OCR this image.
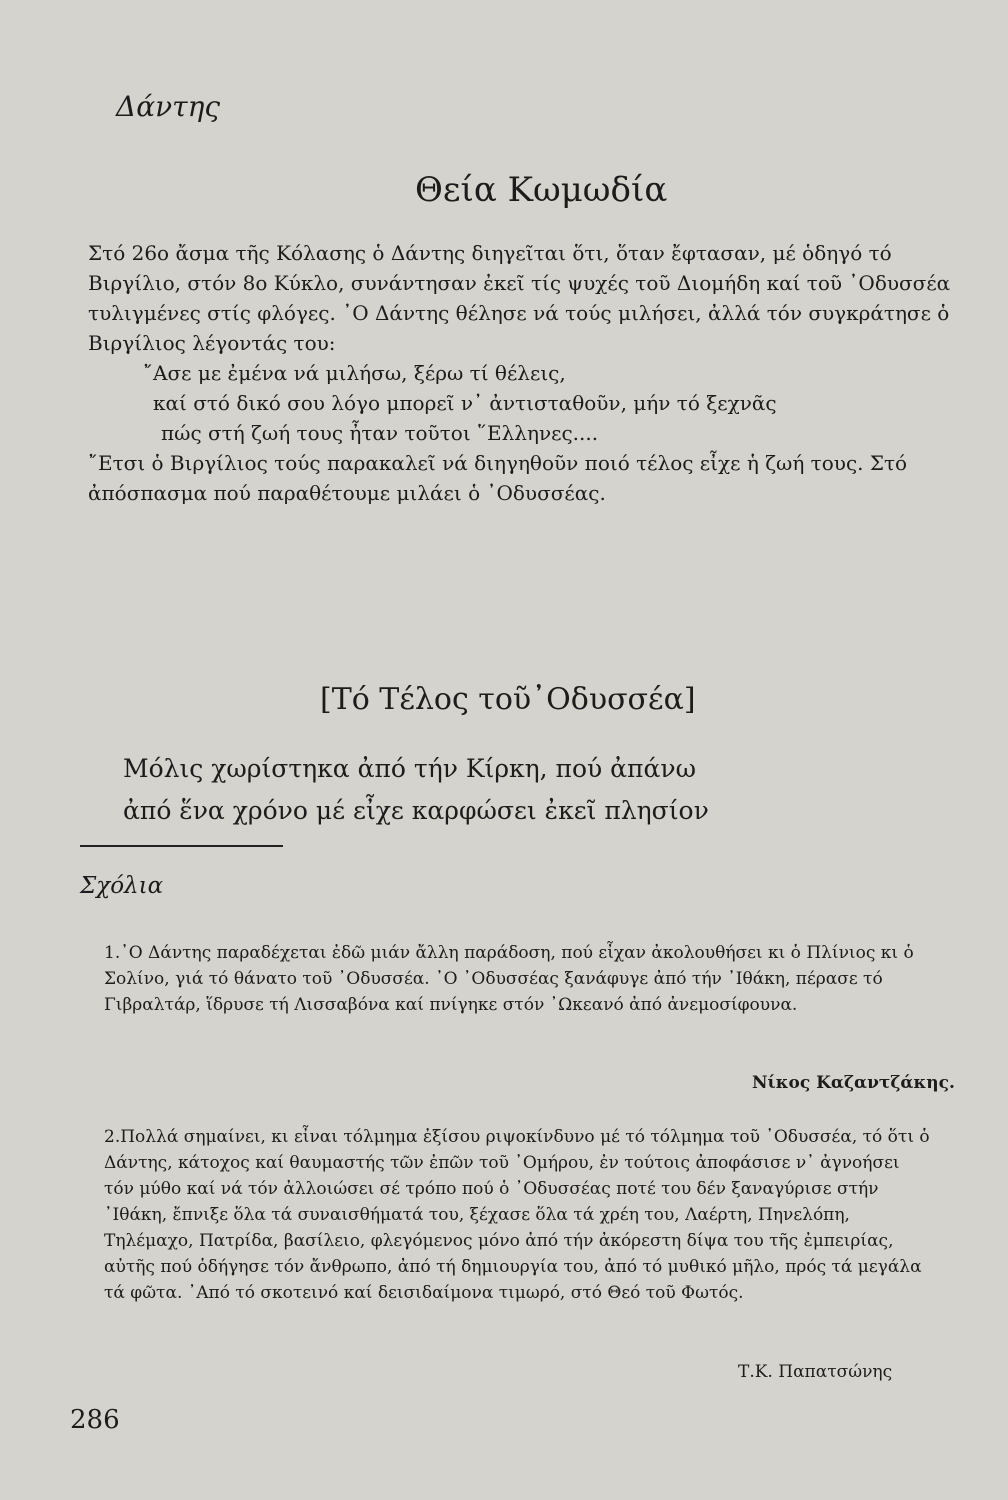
Δάντης
Θεία Κωμωδία

Στό 26ο ἄσμα τῆς Κόλασης ὁ Δάντης διηγεῖται ὅτι, ὅταν ἔφτασαν, μέ ὁδηγό τό Βιργίλιο, στόν 8ο Κύκλο, συνάντησαν ἐκεῖ τίς ψυχές τοῦ Διομήδη καί τοῦ ᾿Οδυσσέα τυλιγμένες στίς φλόγες. ᾿Ο Δάντης θέλησε νά τούς μιλήσει, ἀλλά τόν συγκράτησε ὁ Βιργίλιος λέγοντάς του:

῎Ασε με ἐμένα νά μιλήσω, ξέρω τί θέλεις,
καί στό δικό σου λόγο μπορεῖ ν᾿ ἀντισταθοῦν, μήν τό ξεχνᾶς
πώς στή ζωή τους ἦταν τοῦτοι ῞Ελληνες....

῎Ετσι ὁ Βιργίλιος τούς παρακαλεῖ νά διηγηθοῦν ποιό τέλος εἶχε ἡ ζωή τους. Στό ἀπόσπασμα πού παραθέτουμε μιλάει ὁ ᾿Οδυσσέας.

[Τό Τέλος τοῦ᾿Οδυσσέα]
Μόλις χωρίστηκα ἀπό τήν Κίρκη, πού ἀπάνω
ἀπό ἕνα χρόνο μέ εἶχε καρφώσει ἐκεῖ πλησίον
Σχόλια
1.᾿Ο Δάντης παραδέχεται ἐδῶ μιάν ἄλλη παράδοση, πού εἶχαν ἀκολουθήσει κι ὁ Πλίνιος κι ὁ Σολίνο, γιά τό θάνατο τοῦ ᾿Οδυσσέα. ᾿Ο ᾿Οδυσσέας ξανάφυγε ἀπό τήν ᾿Ιθάκη, πέρασε τό Γιβραλτάρ, ἵδρυσε τή Λισσαβόνα καί πνίγηκε στόν ᾿Ωκεανό ἀπό ἀνεμοσίφουνα.
Νίκος Καζαντζάκης.
2.Πολλά σημαίνει, κι εἶναι τόλμημα ἐξίσου ριψοκίνδυνο μέ τό τόλμημα τοῦ ᾿Οδυσσέα, τό ὅτι ὁ Δάντης, κάτοχος καί θαυμαστής τῶν ἐπῶν τοῦ ᾿Ομήρου, ἐν τούτοις ἀποφάσισε ν᾿ ἀγνοήσει τόν μύθο καί νά τόν ἀλλοιώσει σέ τρόπο πού ὁ ᾿Οδυσσέας ποτέ του δέν ξαναγύρισε στήν ᾿Ιθάκη, ἔπνιξε ὅλα τά συναισθήματά του, ξέχασε ὅλα τά χρέη του, Λαέρτη, Πηνελόπη, Τηλέμαχο, Πατρίδα, βασίλειο, φλεγόμενος μόνο ἀπό τήν ἀκόρεστη δίψα του τῆς ἐμπειρίας, αὐτῆς πού ὁδήγησε τόν ἄνθρωπο, ἀπό τή δημιουργία του, ἀπό τό μυθικό μῆλο, πρός τά μεγάλα τά φῶτα. ᾿Από τό σκοτεινό καί δεισιδαίμονα τιμωρό, στό Θεό τοῦ Φωτός.
Τ.Κ. Παπατσώνης
286
